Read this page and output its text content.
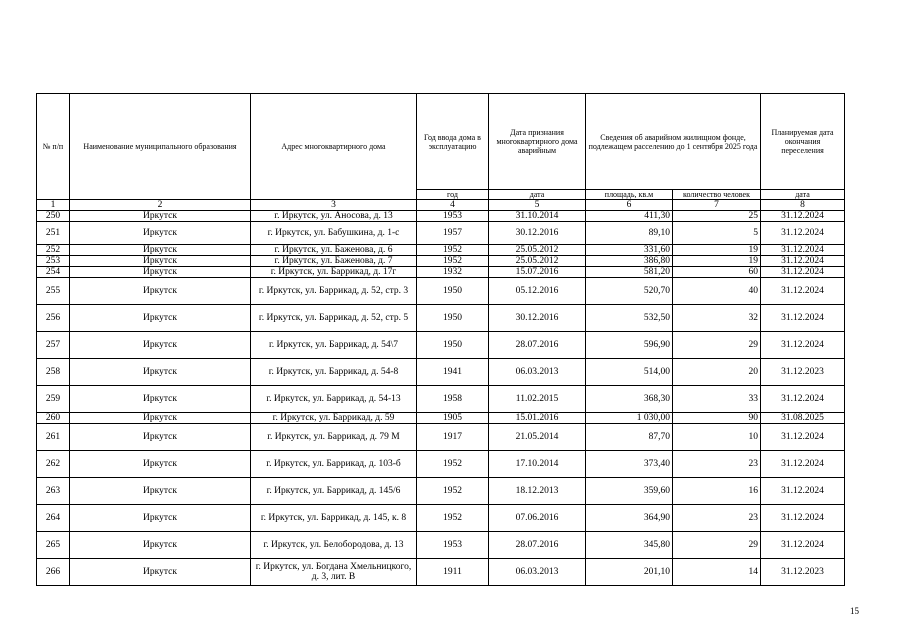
№ п/п	Наименование муниципального образования	Адрес многоквартирного дома	Год ввода дома в эксплуатацию	Дата признания многоквартирного дома аварийным	Сведения об аварийном жилищном фонде, подлежащем расселению до 1 сентября 2025 года		Планируемая дата окончания переселения
			год	дата	площадь, кв.м	количество человек	дата
1	2	3	4	5	6	7	8
250	Иркутск	г. Иркутск, ул. Аносова, д. 13	1953	31.10.2014	411,30	25	31.12.2024
251	Иркутск	г. Иркутск, ул. Бабушкина, д. 1-с	1957	30.12.2016	89,10	5	31.12.2024
252	Иркутск	г. Иркутск, ул. Баженова, д. 6	1952	25.05.2012	331,60	19	31.12.2024
253	Иркутск	г. Иркутск, ул. Баженова, д. 7	1952	25.05.2012	386,80	19	31.12.2024
254	Иркутск	г. Иркутск, ул. Баррикад, д. 17г	1932	15.07.2016	581,20	60	31.12.2024
255	Иркутск	г. Иркутск, ул. Баррикад, д. 52, стр. 3	1950	05.12.2016	520,70	40	31.12.2024
256	Иркутск	г. Иркутск, ул. Баррикад, д. 52, стр. 5	1950	30.12.2016	532,50	32	31.12.2024
257	Иркутск	г. Иркутск, ул. Баррикад, д. 54\7	1950	28.07.2016	596,90	29	31.12.2024
258	Иркутск	г. Иркутск, ул. Баррикад, д. 54-8	1941	06.03.2013	514,00	20	31.12.2023
259	Иркутск	г. Иркутск, ул. Баррикад, д. 54-13	1958	11.02.2015	368,30	33	31.12.2024
260	Иркутск	г. Иркутск, ул. Баррикад, д. 59	1905	15.01.2016	1 030,00	90	31.08.2025
261	Иркутск	г. Иркутск, ул. Баррикад, д. 79 М	1917	21.05.2014	87,70	10	31.12.2024
262	Иркутск	г. Иркутск, ул. Баррикад, д. 103-б	1952	17.10.2014	373,40	23	31.12.2024
263	Иркутск	г. Иркутск, ул. Баррикад, д. 145/6	1952	18.12.2013	359,60	16	31.12.2024
264	Иркутск	г. Иркутск, ул. Баррикад, д. 145, к. 8	1952	07.06.2016	364,90	23	31.12.2024
265	Иркутск	г. Иркутск, ул. Белобородова, д. 13	1953	28.07.2016	345,80	29	31.12.2024
266	Иркутск	г. Иркутск, ул. Богдана Хмельницкого, д. 3, лит. В	1911	06.03.2013	201,10	14	31.12.2023
15
